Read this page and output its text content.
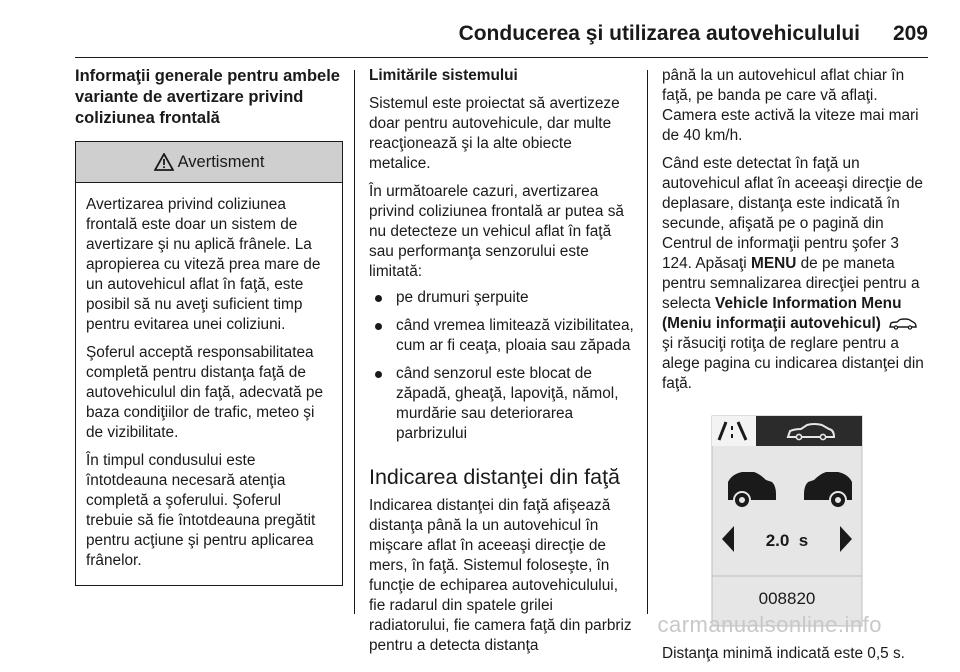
Conducerea şi utilizarea autovehiculului 209
Informaţii generale pentru ambele variante de avertizare privind coliziunea frontală
Avertisment

Avertizarea privind coliziunea frontală este doar un sistem de avertizare şi nu aplică frânele. La apropierea cu viteză prea mare de un autovehicul aflat în faţă, este posibil să nu aveţi suficient timp pentru evitarea unei coliziuni.

Şoferul acceptă responsabilitatea completă pentru distanţa faţă de autovehiculul din faţă, adecvată pe baza condiţiilor de trafic, meteo şi de vizibilitate.

În timpul condusului este întotdeauna necesară atenţia completă a şoferului. Şoferul trebuie să fie întotdeauna pregătit pentru acţiune şi pentru aplicarea frânelor.

Limitările sistemului

Sistemul este proiectat să avertizeze doar pentru autovehicule, dar multe reacţionează şi la alte obiecte metalice.

În următoarele cazuri, avertizarea privind coliziunea frontală ar putea să nu detecteze un vehicul aflat în faţă sau performanţa senzorului este limitată:

pe drumuri şerpuite
când vremea limitează vizibilitatea, cum ar fi ceaţa, ploaia sau zăpada
când senzorul este blocat de zăpadă, gheaţă, lapoviţă, nămol, murdărie sau deteriorarea parbrizului
Indicarea distanţei din faţă

Indicarea distanţei din faţă afişează distanţa până la un autovehicul în mişcare aflat în aceeaşi direcţie de mers, în faţă. Sistemul foloseşte, în funcţie de echiparea autovehiculului, fie radarul din spatele grilei radiatorului, fie camera faţă din parbriz pentru a detecta distanţa

până la un autovehicul aflat chiar în faţă, pe banda pe care vă aflaţi. Camera este activă la viteze mai mari de 40 km/h.

Când este detectat în faţă un autovehicul aflat în aceeaşi direcţie de deplasare, distanţa este indicată în secunde, afişată pe o pagină din Centrul de informaţii pentru şofer 3 124. Apăsaţi MENU de pe maneta pentru semnalizarea direcţiei pentru a selecta Vehicle Information Menu (Meniu informaţii autovehicul)  şi răsuciţi rotiţa de reglare pentru a alege pagina cu indicarea distanţei din faţă.

2.0  s
008820

Distanţa minimă indicată este 0,5 s.

carmanualsonline.info
